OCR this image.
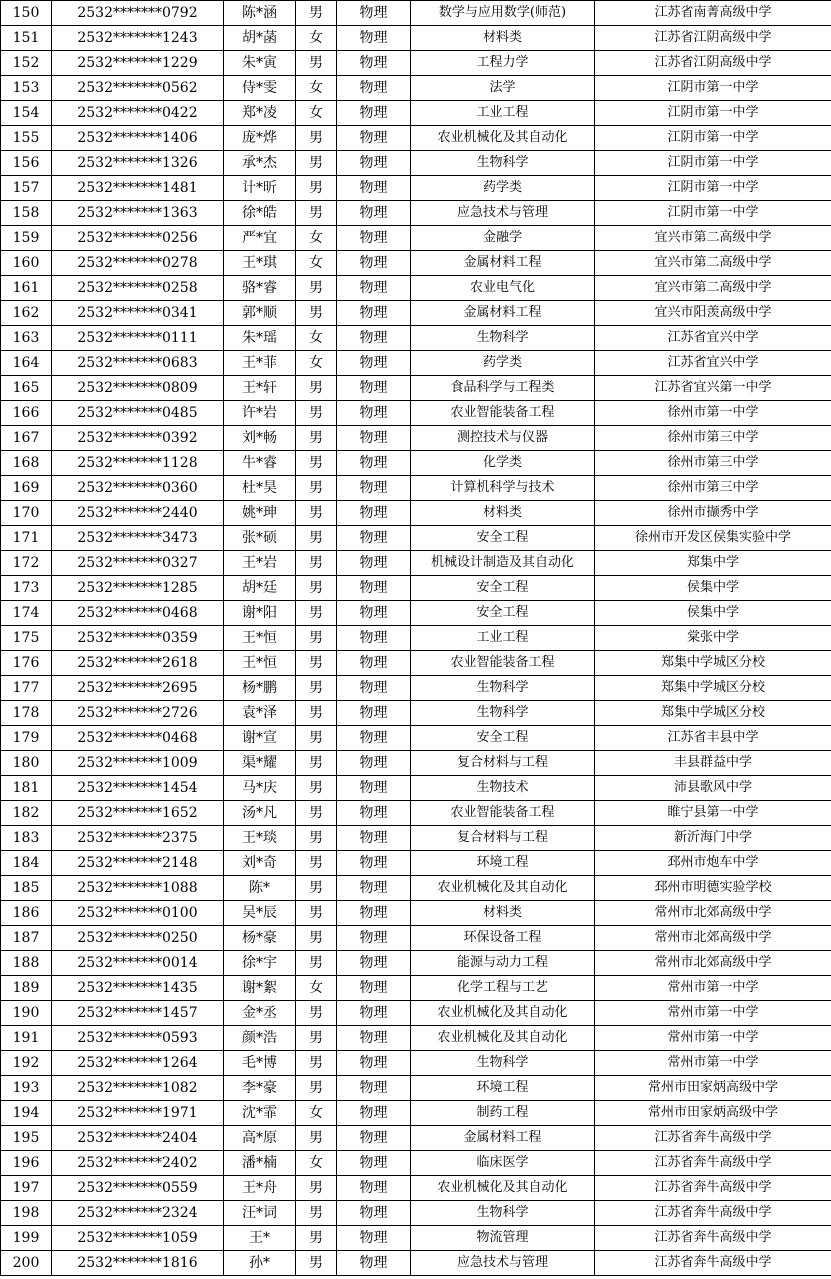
150	2532*******0792	陈*涵	男	物理	数学与应用数学(师范)	江苏省南菁高级中学
151	2532*******1243	胡*菡	女	物理	材料类	江苏省江阴高级中学
152	2532*******1229	朱*寅	男	物理	工程力学	江苏省江阴高级中学
153	2532*******0562	侍*雯	女	物理	法学	江阴市第一中学
154	2532*******0422	郑*凌	女	物理	工业工程	江阴市第一中学
155	2532*******1406	庞*烨	男	物理	农业机械化及其自动化	江阴市第一中学
156	2532*******1326	承*杰	男	物理	生物科学	江阴市第一中学
157	2532*******1481	计*昕	男	物理	药学类	江阴市第一中学
158	2532*******1363	徐*皓	男	物理	应急技术与管理	江阴市第一中学
159	2532*******0256	严*宜	女	物理	金融学	宜兴市第二高级中学
160	2532*******0278	王*琪	女	物理	金属材料工程	宜兴市第二高级中学
161	2532*******0258	骆*睿	男	物理	农业电气化	宜兴市第二高级中学
162	2532*******0341	郭*顺	男	物理	金属材料工程	宜兴市阳羡高级中学
163	2532*******0111	朱*瑶	女	物理	生物科学	江苏省宜兴中学
164	2532*******0683	王*菲	女	物理	药学类	江苏省宜兴中学
165	2532*******0809	王*轩	男	物理	食品科学与工程类	江苏省宜兴第一中学
166	2532*******0485	许*岩	男	物理	农业智能装备工程	徐州市第一中学
167	2532*******0392	刘*畅	男	物理	测控技术与仪器	徐州市第三中学
168	2532*******1128	牛*睿	男	物理	化学类	徐州市第三中学
169	2532*******0360	杜*昊	男	物理	计算机科学与技术	徐州市第三中学
170	2532*******2440	姚*珅	男	物理	材料类	徐州市撷秀中学
171	2532*******3473	张*硕	男	物理	安全工程	徐州市开发区侯集实验中学
172	2532*******0327	王*岩	男	物理	机械设计制造及其自动化	郑集中学
173	2532*******1285	胡*廷	男	物理	安全工程	侯集中学
174	2532*******0468	谢*阳	男	物理	安全工程	侯集中学
175	2532*******0359	王*恒	男	物理	工业工程	棠张中学
176	2532*******2618	王*恒	男	物理	农业智能装备工程	郑集中学城区分校
177	2532*******2695	杨*鹏	男	物理	生物科学	郑集中学城区分校
178	2532*******2726	袁*泽	男	物理	生物科学	郑集中学城区分校
179	2532*******0468	谢*宣	男	物理	安全工程	江苏省丰县中学
180	2532*******1009	渠*耀	男	物理	复合材料与工程	丰县群益中学
181	2532*******1454	马*庆	男	物理	生物技术	沛县歌风中学
182	2532*******1652	汤*凡	男	物理	农业智能装备工程	睢宁县第一中学
183	2532*******2375	王*琰	男	物理	复合材料与工程	新沂海门中学
184	2532*******2148	刘*奇	男	物理	环境工程	邳州市炮车中学
185	2532*******1088	陈*	男	物理	农业机械化及其自动化	邳州市明德实验学校
186	2532*******0100	吴*辰	男	物理	材料类	常州市北郊高级中学
187	2532*******0250	杨*豪	男	物理	环保设备工程	常州市北郊高级中学
188	2532*******0014	徐*宇	男	物理	能源与动力工程	常州市北郊高级中学
189	2532*******1435	谢*絮	女	物理	化学工程与工艺	常州市第一中学
190	2532*******1457	金*丞	男	物理	农业机械化及其自动化	常州市第一中学
191	2532*******0593	颜*浩	男	物理	农业机械化及其自动化	常州市第一中学
192	2532*******1264	毛*博	男	物理	生物科学	常州市第一中学
193	2532*******1082	李*豪	男	物理	环境工程	常州市田家炳高级中学
194	2532*******1971	沈*霏	女	物理	制药工程	常州市田家炳高级中学
195	2532*******2404	高*原	男	物理	金属材料工程	江苏省奔牛高级中学
196	2532*******2402	潘*楠	女	物理	临床医学	江苏省奔牛高级中学
197	2532*******0559	王*舟	男	物理	农业机械化及其自动化	江苏省奔牛高级中学
198	2532*******2324	汪*词	男	物理	生物科学	江苏省奔牛高级中学
199	2532*******1059	王*	男	物理	物流管理	江苏省奔牛高级中学
200	2532*******1816	孙*	男	物理	应急技术与管理	江苏省奔牛高级中学
